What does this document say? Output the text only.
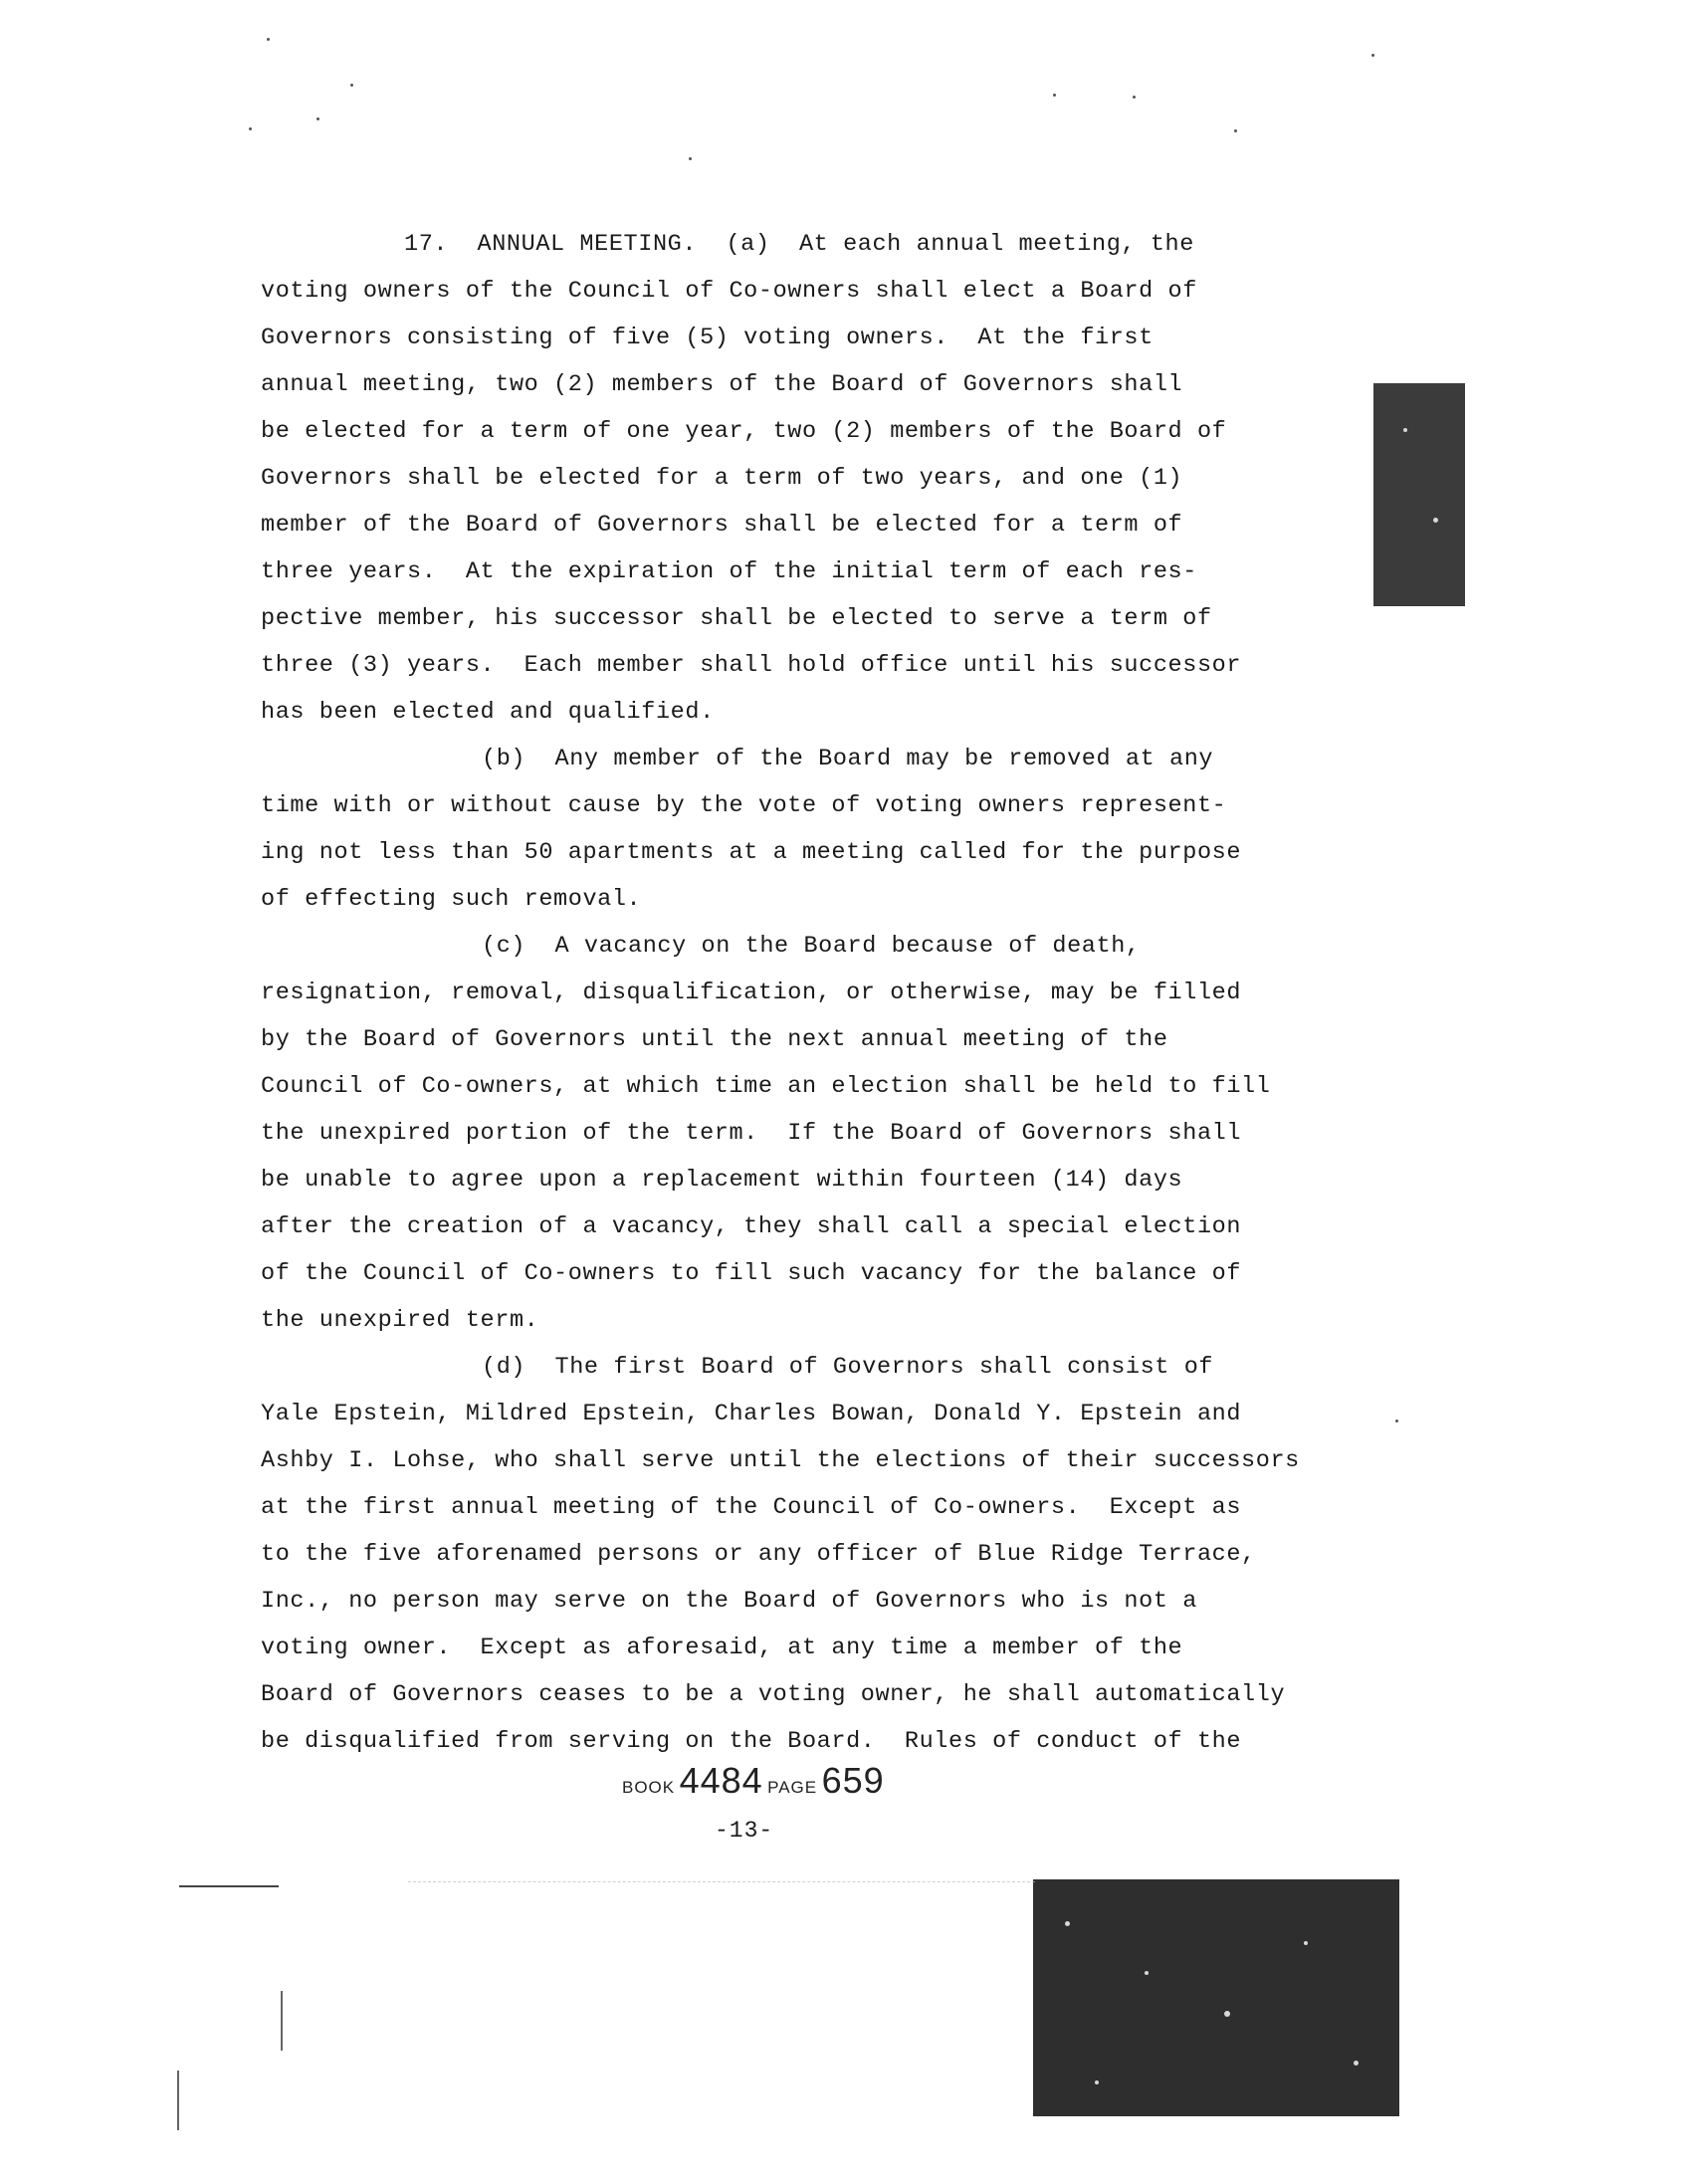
17.  ANNUAL MEETING.  (a)  At each annual meeting, the
voting owners of the Council of Co-owners shall elect a Board of
Governors consisting of five (5) voting owners.  At the first
annual meeting, two (2) members of the Board of Governors shall
be elected for a term of one year, two (2) members of the Board of
Governors shall be elected for a term of two years, and one (1)
member of the Board of Governors shall be elected for a term of
three years.  At the expiration of the initial term of each res-
pective member, his successor shall be elected to serve a term of
three (3) years.  Each member shall hold office until his successor
has been elected and qualified.
(b)  Any member of the Board may be removed at any
time with or without cause by the vote of voting owners represent-
ing not less than 50 apartments at a meeting called for the purpose
of effecting such removal.
(c)  A vacancy on the Board because of death,
resignation, removal, disqualification, or otherwise, may be filled
by the Board of Governors until the next annual meeting of the
Council of Co-owners, at which time an election shall be held to fill
the unexpired portion of the term.  If the Board of Governors shall
be unable to agree upon a replacement within fourteen (14) days
after the creation of a vacancy, they shall call a special election
of the Council of Co-owners to fill such vacancy for the balance of
the unexpired term.
(d)  The first Board of Governors shall consist of
Yale Epstein, Mildred Epstein, Charles Bowan, Donald Y. Epstein and
Ashby I. Lohse, who shall serve until the elections of their successors
at the first annual meeting of the Council of Co-owners.  Except as
to the five aforenamed persons or any officer of Blue Ridge Terrace,
Inc., no person may serve on the Board of Governors who is not a
voting owner.  Except as aforesaid, at any time a member of the
Board of Governors ceases to be a voting owner, he shall automatically
be disqualified from serving on the Board.  Rules of conduct of the
BOOK 4484 PAGE 659
-13-
